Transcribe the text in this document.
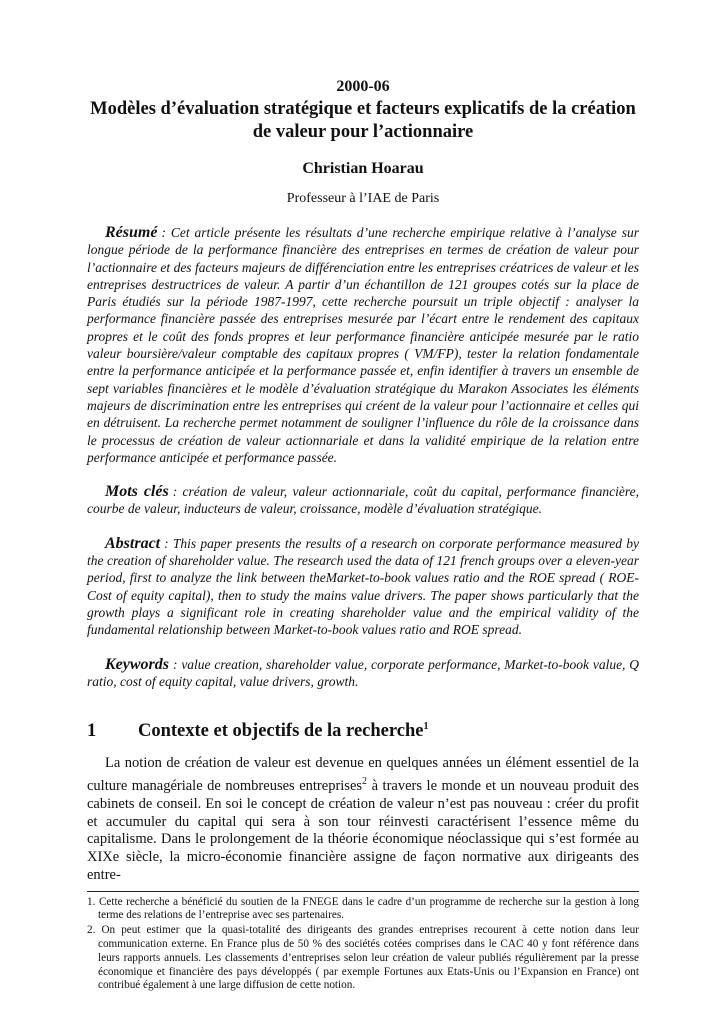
2000-06

Modèles d’évaluation stratégique et facteurs explicatifs de la création de valeur pour l’actionnaire

Christian Hoarau

Professeur à l’IAE de Paris

Résumé : Cet article présente les résultats d’une recherche empirique relative à l’analyse sur longue période de la performance financière des entreprises en termes de création de valeur pour l’actionnaire et des facteurs majeurs de différenciation entre les entreprises créatrices de valeur et les entreprises destructrices de valeur. A partir d’un échantillon de 121 groupes cotés sur la place de Paris étudiés sur la période 1987-1997, cette recherche poursuit un triple objectif : analyser la performance financière passée des entreprises mesurée par l’écart entre le rendement des capitaux propres et le coût des fonds propres et leur performance financière anticipée mesurée par le ratio valeur boursière/valeur comptable des capitaux propres ( VM/FP), tester la relation fondamentale entre la performance anticipée et la performance passée et, enfin identifier à travers un ensemble de sept variables financières et le modèle d’évaluation stratégique du Marakon Associates les éléments majeurs de discrimination entre les entreprises qui créent de la valeur pour l’actionnaire et celles qui en détruisent. La recherche permet notamment de souligner l’influence du rôle de la croissance dans le processus de création de valeur actionnariale et dans la validité empirique de la relation entre performance anticipée et performance passée.

Mots clés : création de valeur, valeur actionnariale, coût du capital, performance financière, courbe de valeur, inducteurs de valeur, croissance, modèle d’évaluation stratégique.

Abstract : This paper presents the results of a research on corporate performance measured by the creation of shareholder value. The research used the data of 121 french groups over a eleven-year period, first to analyze the link between theMarket-to-book values ratio and the ROE spread ( ROE- Cost of equity capital), then to study the mains value drivers. The paper shows particularly that the growth plays a significant role in creating shareholder value and the empirical validity of the fundamental relationship between Market-to-book values ratio and ROE spread.

Keywords : value creation, shareholder value, corporate performance, Market-to-book value, Q ratio, cost of equity capital, value drivers, growth.

1 Contexte et objectifs de la recherche$^1$

La notion de création de valeur est devenue en quelques années un élément essentiel de la culture managériale de nombreuses entreprises$^2$ à travers le monde et un nouveau produit des cabinets de conseil. En soi le concept de création de valeur n’est pas nouveau : créer du profit et accumuler du capital qui sera à son tour réinvesti caractérisent l’essence même du capitalisme. Dans le prolongement de la théorie économique néoclassique qui s’est formée au XIXe siècle, la micro-économie financière assigne de façon normative aux dirigeants des entre-

1. Cette recherche a bénéficié du soutien de la FNEGE dans le cadre d’un programme de recherche sur la gestion à long terme des relations de l’entreprise avec ses partenaires.

2. On peut estimer que la quasi-totalité des dirigeants des grandes entreprises recourent à cette notion dans leur communication externe. En France plus de 50 % des sociétés cotées comprises dans le CAC 40 y font référence dans leurs rapports annuels. Les classements d’entreprises selon leur création de valeur publiés régulièrement par la presse économique et financière des pays développés ( par exemple Fortunes aux Etats-Unis ou l’Expansion en France) ont contribué également à une large diffusion de cette notion.
